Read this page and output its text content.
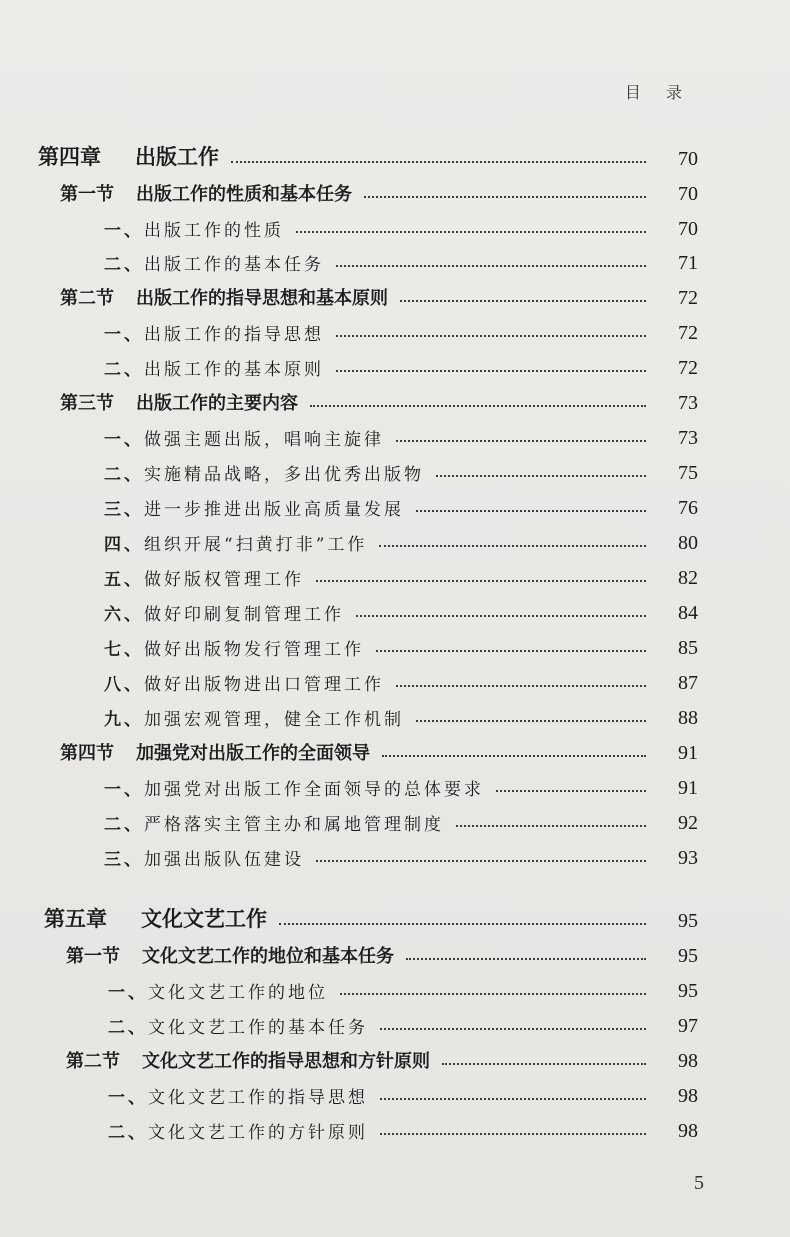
目 录
第四章 出版工作	70
第一节 出版工作的性质和基本任务	70
一、 出版工作的性质	70
二、 出版工作的基本任务	71
第二节 出版工作的指导思想和基本原则	72
一、 出版工作的指导思想	72
二、 出版工作的基本原则	72
第三节 出版工作的主要内容	73
一、 做强主题出版，唱响主旋律	73
二、 实施精品战略，多出优秀出版物	75
三、 进一步推进出版业高质量发展	76
四、 组织开展“扫黄打非”工作	80
五、 做好版权管理工作	82
六、 做好印刷复制管理工作	84
七、 做好出版物发行管理工作	85
八、 做好出版物进出口管理工作	87
九、 加强宏观管理，健全工作机制	88
第四节 加强党对出版工作的全面领导	91
一、 加强党对出版工作全面领导的总体要求	91
二、 严格落实主管主办和属地管理制度	92
三、 加强出版队伍建设	93
第五章 文化文艺工作	95
第一节 文化文艺工作的地位和基本任务	95
一、 文化文艺工作的地位	95
二、 文化文艺工作的基本任务	97
第二节 文化文艺工作的指导思想和方针原则	98
一、 文化文艺工作的指导思想	98
二、 文化文艺工作的方针原则	98
5
